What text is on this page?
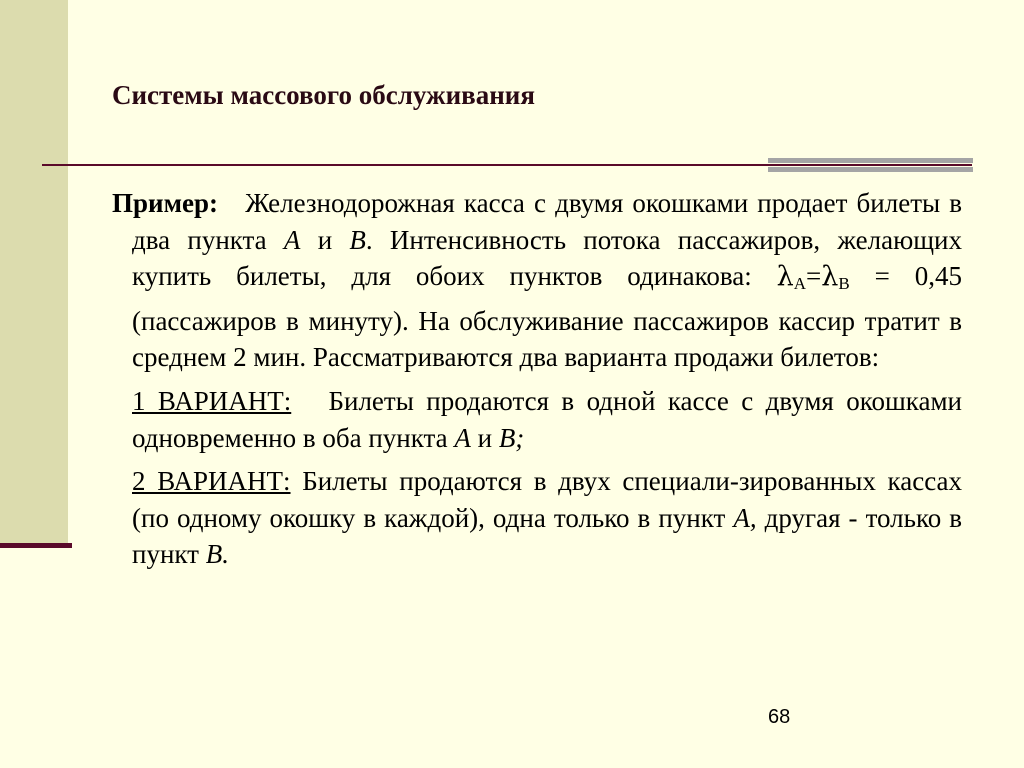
Системы массового обслуживания

Пример: Железнодорожная касса с двумя окошками продает билеты в два пункта А и В. Интенсивность потока пассажиров, желающих купить билеты, для обоих пунктов одинакова: $\lambda_A=\lambda_B = 0,45$ (пассажиров в минуту). На обслуживание пассажиров кассир тратит в среднем 2 мин. Рассматриваются два варианта продажи билетов:

1 ВАРИАНТ: Билеты продаются в одной кассе с двумя окошками одновременно в оба пункта А и В;

2 ВАРИАНТ: Билеты продаются в двух специали-зированных кассах (по одному окошку в каждой), одна только в пункт А, другая - только в пункт В.

68
